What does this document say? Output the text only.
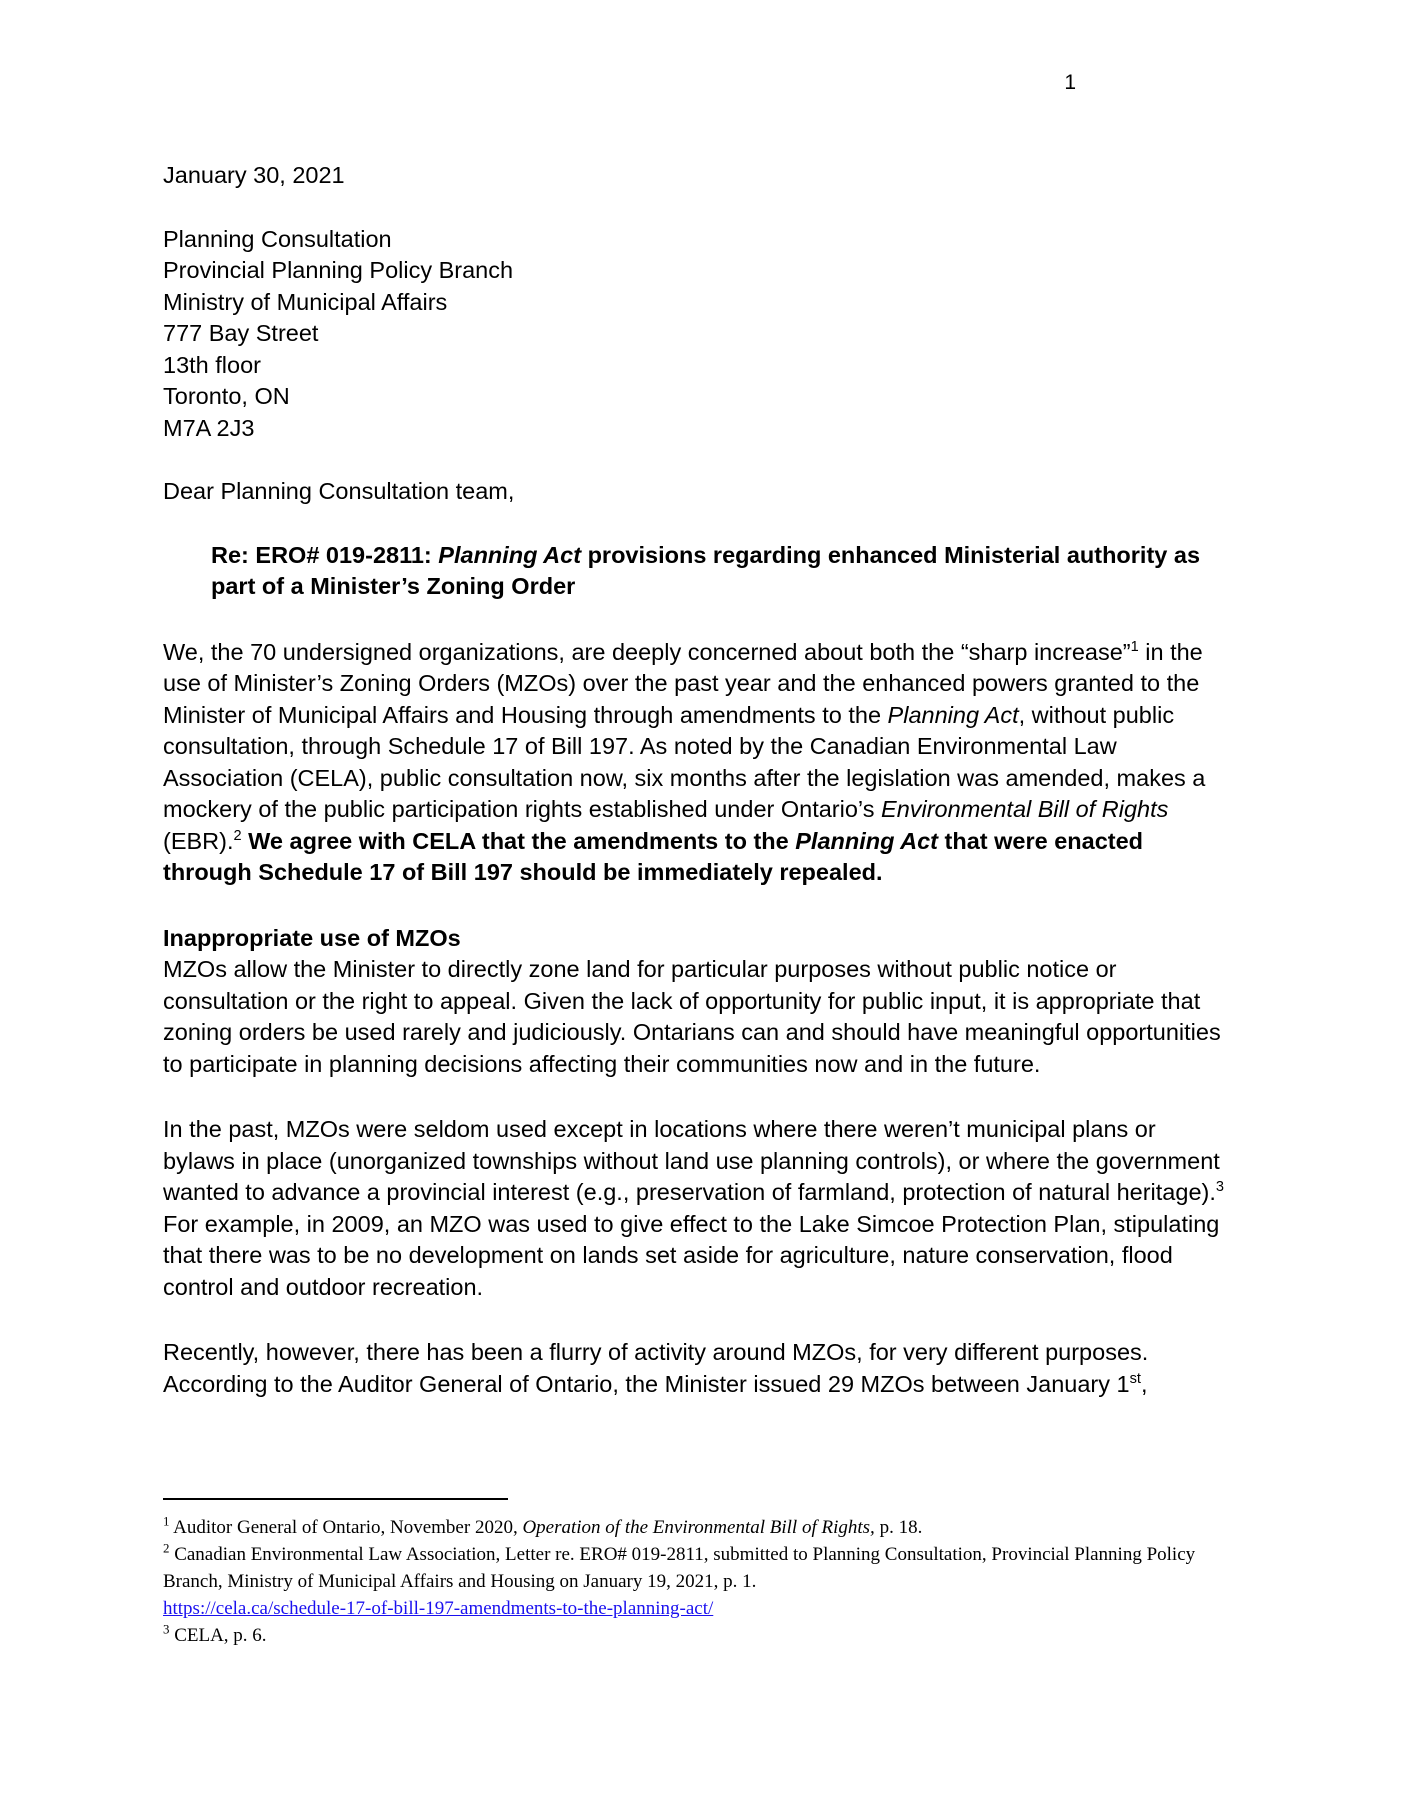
1
January 30, 2021
Planning Consultation
Provincial Planning Policy Branch
Ministry of Municipal Affairs
777 Bay Street
13th floor
Toronto, ON
M7A 2J3
Dear Planning Consultation team,
Re: ERO# 019-2811: Planning Act provisions regarding enhanced Ministerial authority as part of a Minister’s Zoning Order

We, the 70 undersigned organizations, are deeply concerned about both the “sharp increase”$^1$ in the use of Minister’s Zoning Orders (MZOs) over the past year and the enhanced powers granted to the Minister of Municipal Affairs and Housing through amendments to the Planning Act, without public consultation, through Schedule 17 of Bill 197. As noted by the Canadian Environmental Law Association (CELA), public consultation now, six months after the legislation was amended, makes a mockery of the public participation rights established under Ontario’s Environmental Bill of Rights (EBR).$^2$ We agree with CELA that the amendments to the Planning Act that were enacted through Schedule 17 of Bill 197 should be immediately repealed.

Inappropriate use of MZOs

MZOs allow the Minister to directly zone land for particular purposes without public notice or consultation or the right to appeal. Given the lack of opportunity for public input, it is appropriate that zoning orders be used rarely and judiciously. Ontarians can and should have meaningful opportunities to participate in planning decisions affecting their communities now and in the future.

In the past, MZOs were seldom used except in locations where there weren’t municipal plans or bylaws in place (unorganized townships without land use planning controls), or where the government wanted to advance a provincial interest (e.g., preservation of farmland, protection of natural heritage).$^3$ For example, in 2009, an MZO was used to give effect to the Lake Simcoe Protection Plan, stipulating that there was to be no development on lands set aside for agriculture, nature conservation, flood control and outdoor recreation.

Recently, however, there has been a flurry of activity around MZOs, for very different purposes. According to the Auditor General of Ontario, the Minister issued 29 MZOs between January 1st,

$^1$ Auditor General of Ontario, November 2020, Operation of the Environmental Bill of Rights, p. 18.

$^2$ Canadian Environmental Law Association, Letter re. ERO# 019-2811, submitted to Planning Consultation, Provincial Planning Policy Branch, Ministry of Municipal Affairs and Housing on January 19, 2021, p. 1.
https://cela.ca/schedule-17-of-bill-197-amendments-to-the-planning-act/

$^3$ CELA, p. 6.
